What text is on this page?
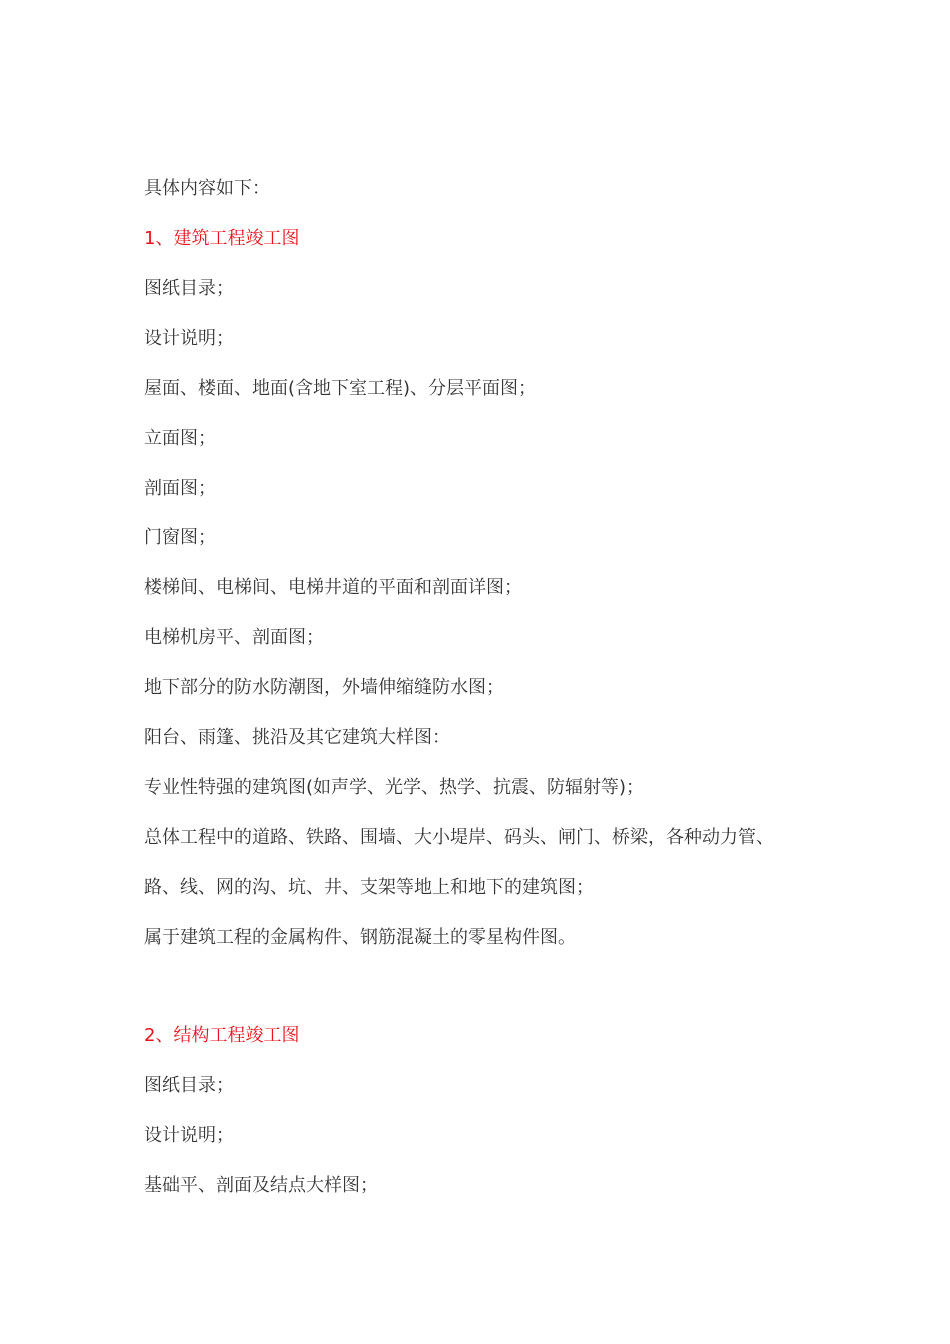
具体内容如下：
1、建筑工程竣工图
图纸目录；
设计说明；
屋面、楼面、地面(含地下室工程)、分层平面图；
立面图；
剖面图；
门窗图；
楼梯间、电梯间、电梯井道的平面和剖面详图；
电梯机房平、剖面图；
地下部分的防水防潮图，外墙伸缩缝防水图；
阳台、雨篷、挑沿及其它建筑大样图：
专业性特强的建筑图(如声学、光学、热学、抗震、防辐射等)；
总体工程中的道路、铁路、围墙、大小堤岸、码头、闸门、桥梁，各种动力管、
路、线、网的沟、坑、井、支架等地上和地下的建筑图；
属于建筑工程的金属构件、钢筋混凝土的零星构件图。
2、结构工程竣工图
图纸目录；
设计说明；
基础平、剖面及结点大样图；
